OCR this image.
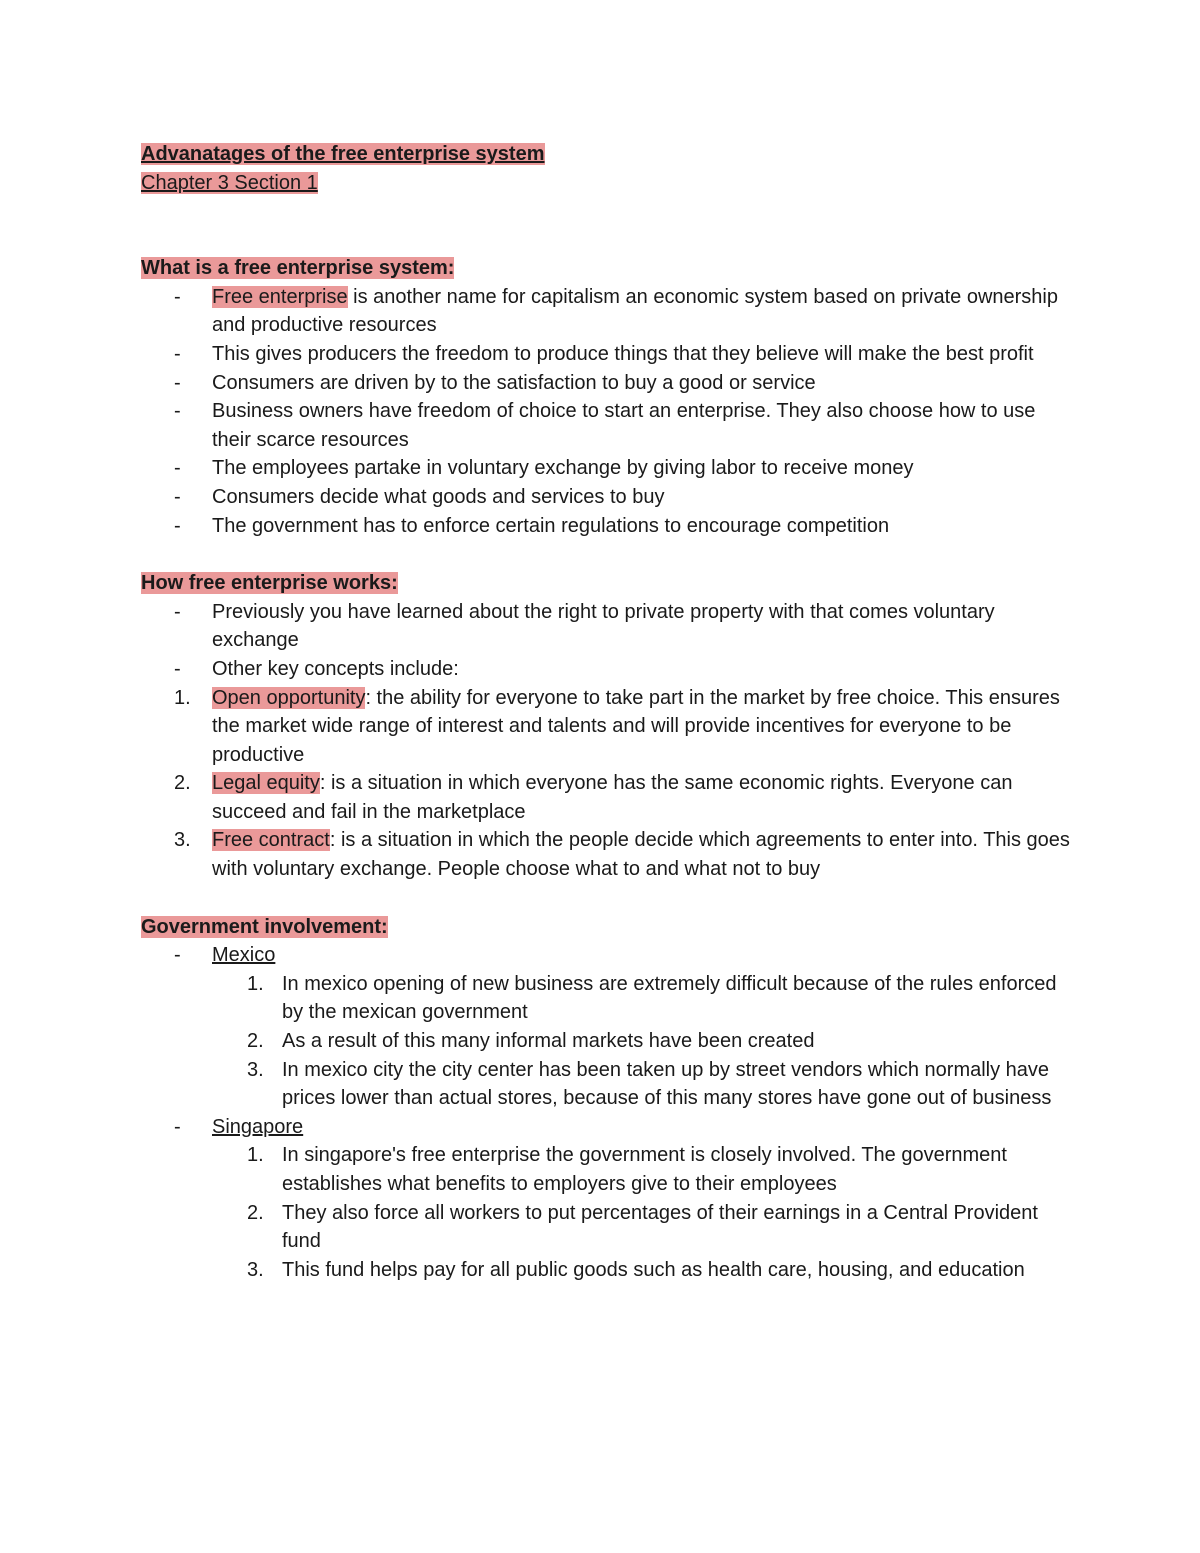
Advanatages of the free enterprise system
Chapter 3 Section 1
What is a free enterprise system:
- Free enterprise is another name for capitalism an economic system based on private ownership and productive resources
- This gives producers the freedom to produce things that they believe will make the best profit
- Consumers are driven by to the satisfaction to buy a good or service
- Business owners have freedom of choice to start an enterprise. They also choose how to use their scarce resources
- The employees partake in voluntary exchange by giving labor to receive money
- Consumers decide what goods and services to buy
- The government has to enforce certain regulations to encourage competition
How free enterprise works:
- Previously you have learned about the right to private property with that comes voluntary exchange
- Other key concepts include:
1. Open opportunity: the ability for everyone to take part in the market by free choice. This ensures the market wide range of interest and talents and will provide incentives for everyone to be productive
2. Legal equity: is a situation in which everyone has the same economic rights. Everyone can succeed and fail in the marketplace
3. Free contract: is a situation in which the people decide which agreements to enter into. This goes with voluntary exchange. People choose what to and what not to buy
Government involvement:
- Mexico
1. In mexico opening of new business are extremely difficult because of the rules enforced by the mexican government
2. As a result of this many informal markets have been created
3. In mexico city the city center has been taken up by street vendors which normally have prices lower than actual stores, because of this many stores have gone out of business
- Singapore
1. In singapore's free enterprise the government is closely involved. The government establishes what benefits to employers give to their employees
2. They also force all workers to put percentages of their earnings in a Central Provident fund
3. This fund helps pay for all public goods such as health care, housing, and education
